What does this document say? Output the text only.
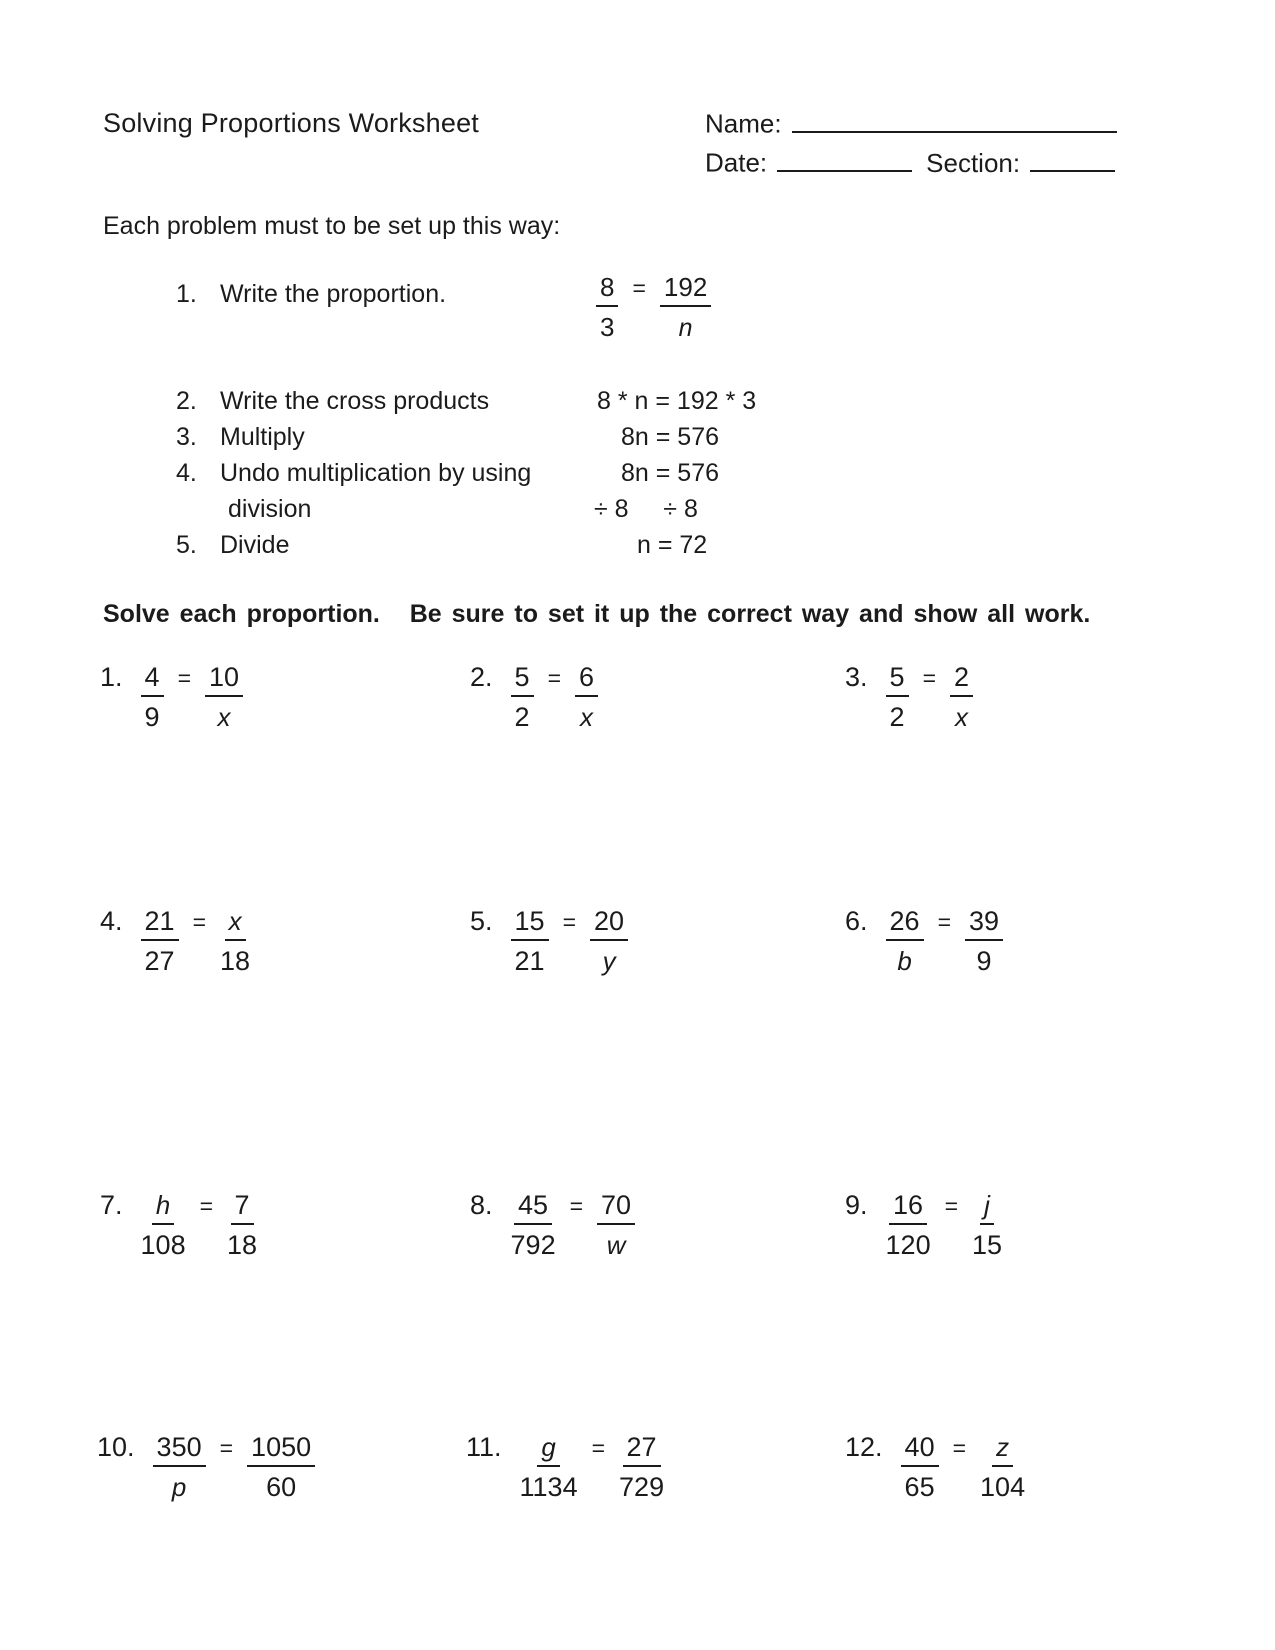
Solving Proportions Worksheet	Name:
Date:	Section:
Each problem must to be set up this way:
1. Write the proportion.	8 = 192
3	n
2. Write the cross products	8 * n = 192 * 3
3. Multiply	8n = 576
4. Undo multiplication by using	8n = 576
division	÷ 8     ÷ 8
5. Divide	n = 72
Solve each proportion.   Be sure to set it up the correct way and show all work.
1. 4 = 10
9 x
2. 5 = 6
2 x
3. 5 = 2
2 x
4. 21 = x
27 18
5. 15 = 20
21 y
6. 26 = 39
b 9
7. h = 7
108 18
8. 45 = 70
792 w
9. 16 = j
120 15
10. 350 = 1050
p	60
11. g = 27
1134 729
12. 40 = z
65 104
